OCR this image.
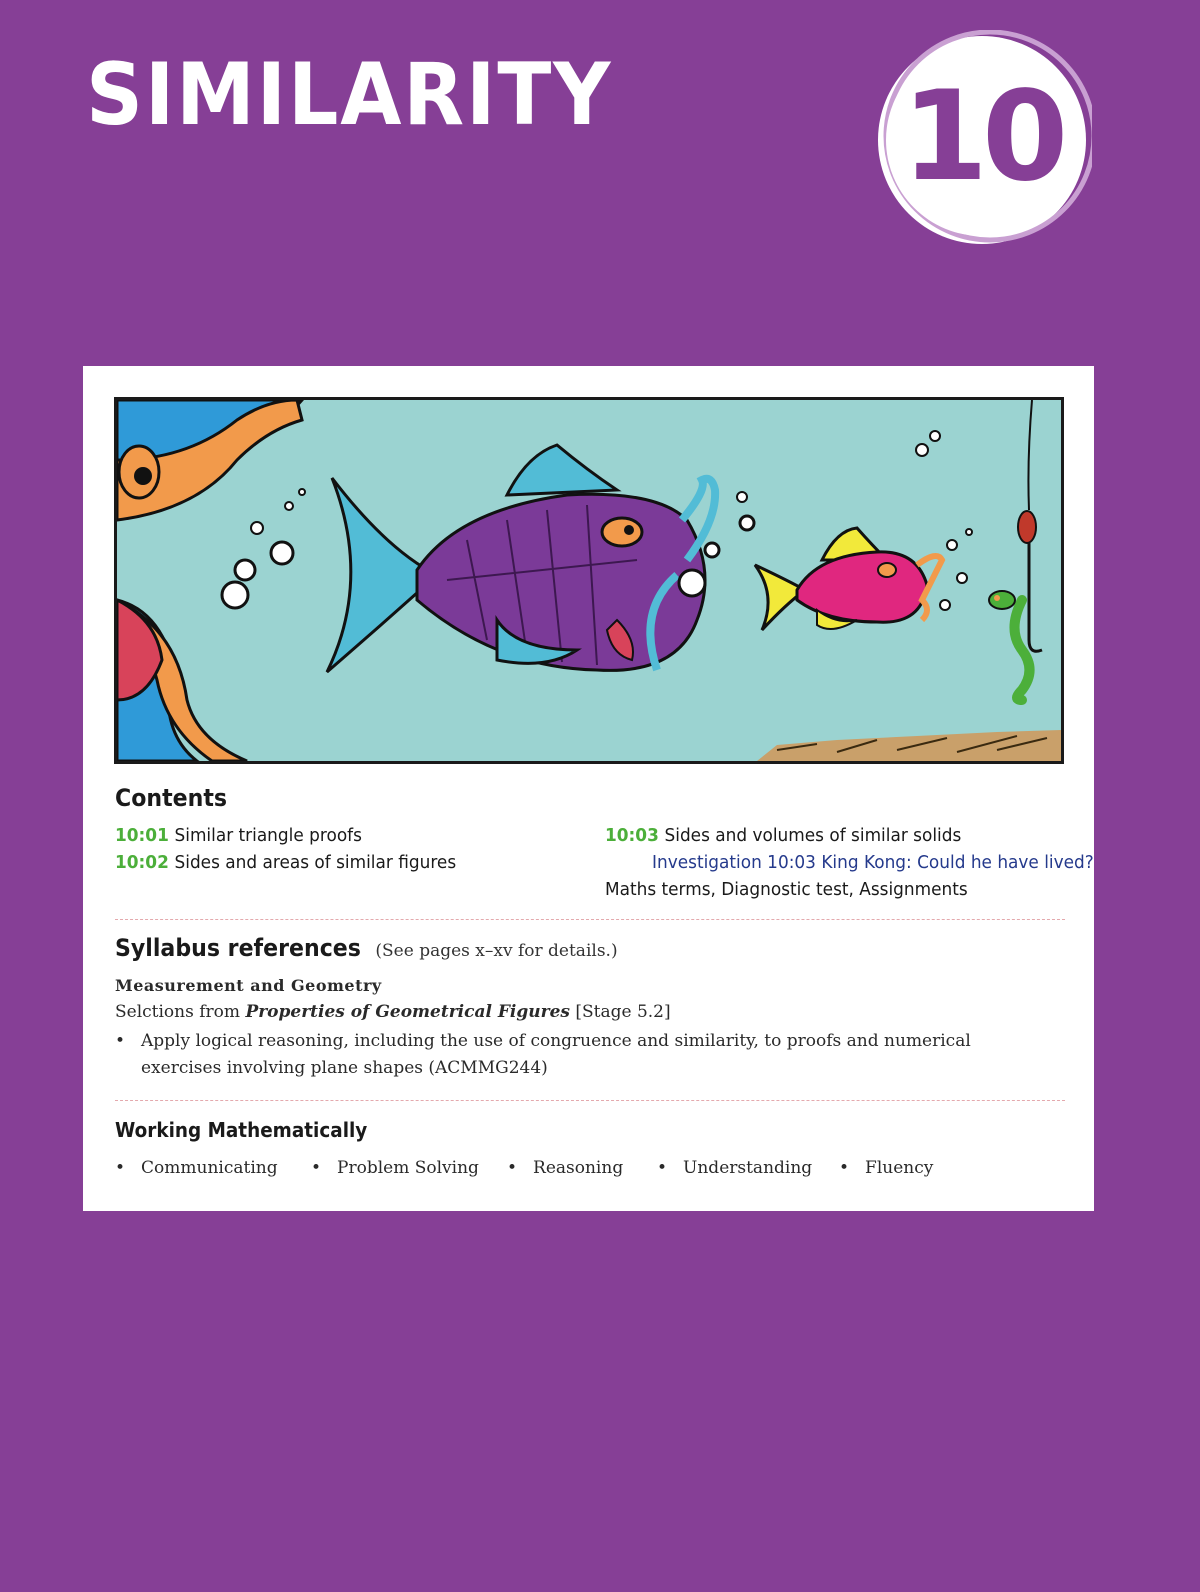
SIMILARITY 10
Contents
10:01 Similar triangle proofs
10:02 Sides and areas of similar figures
10:03 Sides and volumes of similar solids
Investigation 10:03 King Kong: Could he have lived?
Maths terms, Diagnostic test, Assignments
Syllabus references (See pages x–xv for details.)
Measurement and Geometry
Selctions from Properties of Geometrical Figures [Stage 5.2]
• Apply logical reasoning, including the use of congruence and similarity, to proofs and numerical exercises involving plane shapes (ACMMG244)
Working Mathematically
• Communicating • Problem Solving • Reasoning • Understanding • Fluency
